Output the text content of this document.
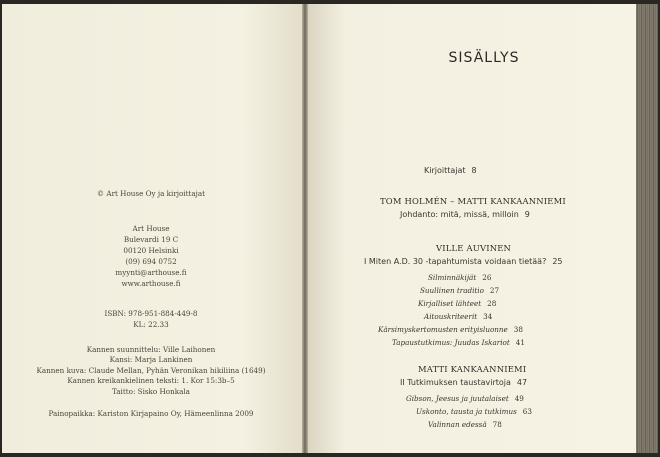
© Art House Oy ja kirjoittajat
Art House
Bulevardi 19 C
00120 Helsinki
(09) 694 0752
myynti@arthouse.fi
www.arthouse.fi
ISBN: 978-951-884-449-8
KL: 22.33
Kannen suunnittelu: Ville Laihonen
Kansi: Marja Lankinen
Kannen kuva: Claude Mellan, Pyhän Veronikan hikiliina (1649)
Kannen kreikankielinen teksti: 1. Kor 15:3b–5
Taitto: Sisko Honkala
Painopaikka: Kariston Kirjapaino Oy, Hämeenlinna 2009
SISÄLLYS
Kirjoittajat 8
TOM HOLMÉN – MATTI KANKAANNIEMI
Johdanto: mitä, missä, milloin 9
VILLE AUVINEN
I Miten A.D. 30 -tapahtumista voidaan tietää? 25
Silminnäkijät 26
Suullinen traditio 27
Kirjalliset lähteet 28
Aitouskriteerit 34
Kärsimyskertomusten erityisluonne 38
Tapaustutkimus: Juudas Iskariot 41
MATTI KANKAANNIEMI
II Tutkimuksen taustavirtoja 47
Gibson, Jeesus ja juutalaiset 49
Uskonto, tausta ja tutkimus 63
Valinnan edessä 78
